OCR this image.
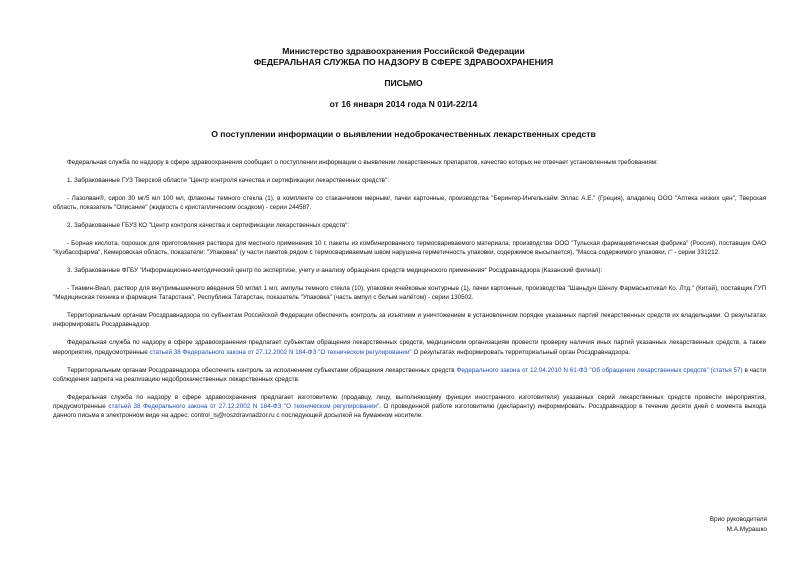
Министерство здравоохранения Российской Федерации
ФЕДЕРАЛЬНАЯ СЛУЖБА ПО НАДЗОРУ В СФЕРЕ ЗДРАВООХРАНЕНИЯ
ПИСЬМО
от 16 января 2014 года N 01И-22/14
О поступлении информации о выявлении недоброкачественных лекарственных средств

Федеральная служба по надзору в сфере здравоохранения сообщает о поступлении информации о выявлении лекарственных препаратов, качество которых не отвечает установленным требованиям:

1. Забракованные ГУЗ Тверской области "Центр контроля качества и сертификации лекарственных средств":

- Лазолван®, сироп 30 мг/5 мл 100 мл, флаконы темного стекла (1), в комплекте со стаканчиком мерным/, пачки картонные, производства "Берингер-Ингельхайм Эллас А.Е." (Греция), владелец ООО "Аптека низких цен", Тверская область, показатель "Описание" (жидкость с кристаллическим осадком) - серии 244587.

2. Забракованные ГБУЗ КО "Центр контроля качества и сертификации лекарственных средств":

- Борная кислота, порошок для приготовления раствора для местного применения 10 г, пакеты из комбинированного термосвариваемого материала, производства ООО "Тульская фармацевтическая фабрика" (Россия), поставщик ОАО "Кузбассфарма", Кемеровская область, показатели: "Упаковка" (у части пакетов рядом с термосвариваемым швом нарушена герметичность упаковки, содержимое высыпается), "Масса содержимого упаковки, г" - серии 331212.

3. Забракованные ФГБУ "Информационно-методический центр по экспертизе, учету и анализу обращения средств медицинского применения" Росздравнадзора (Казанский филиал):

- Тиамин-Виал, раствор для внутримышечного введения 50 мг/мл 1 мл, ампулы темного стекла (10), упаковки ячейковые контурные (1), пачки картонные, производства "Шаньдун Шенлу Фармасьютикал Ко. Лтд." (Китай), поставщик ГУП "Медицинская техника и фармация Татарстана", Республика Татарстан, показатель "Упаковка" (часть ампул с белым налётом) - серии 130502.

Территориальным органам Росздравнадзора по субъектам Российской Федерации обеспечить контроль за изъятием и уничтожением в установленном порядке указанных партий лекарственных средств их владельцами. О результатах информировать Росздравнадзор.

Федеральная служба по надзору в сфере здравоохранения предлагает субъектам обращения лекарственных средств, медицинским организациям провести проверку наличия иных партий указанных лекарственных средств, а также мероприятия, предусмотренные статьей 38 Федерального закона от 27.12.2002 N 184-ФЗ "О техническом регулировании" О результатах информировать территориальный орган Росздравнадзора.

Территориальным органам Росздравнадзора обеспечить контроль за исполнением субъектами обращения лекарственных средств Федерального закона от 12.04.2010 N 61-ФЗ "Об обращении лекарственных средств" (статья 57) в части соблюдения запрета на реализацию недоброкачественных лекарственных средств.

Федеральная служба по надзору в сфере здравоохранения предлагает изготовителю (продавцу, лицу, выполняющему функции иностранного изготовителя) указанных серий лекарственных средств провести мероприятия, предусмотренные статьей 38 Федерального закона от 27.12.2002 N 184-ФЗ "О техническом регулировании". О проведенной работе изготовителю (декларанту) информировать. Росздравнадзор в течение десяти дней с момента выхода данного письма в электронном виде на адрес: control_ls@roszdravnadzor.ru с последующей досылкой на бумажном носителе.

Врио руководителя
М.А.Мурашко
